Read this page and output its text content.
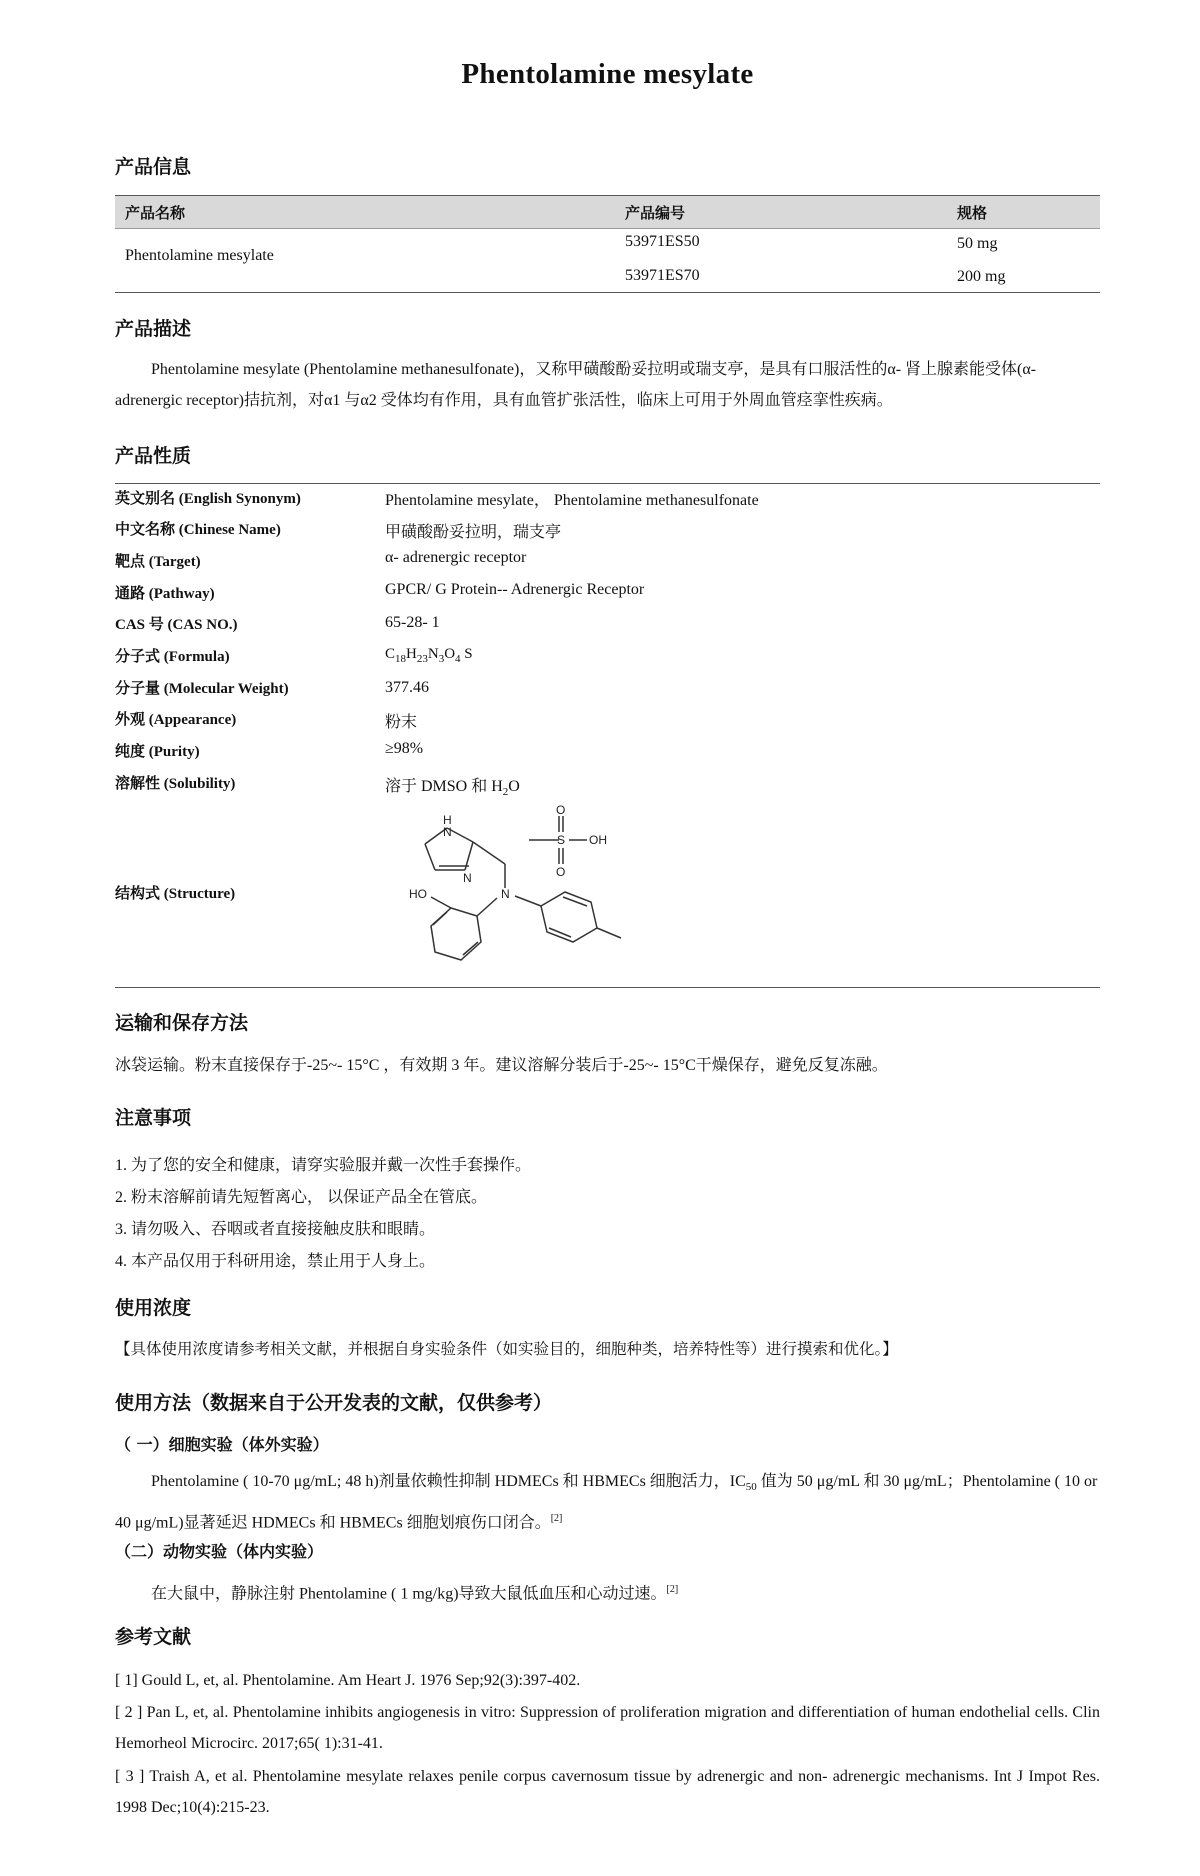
Phentolamine mesylate
产品信息
产品名称	产品编号	规格
Phentolamine mesylate
53971ES50	50 mg
53971ES70	200 mg
产品描述
Phentolamine mesylate (Phentolamine methanesulfonate)，又称甲磺酸酚妥拉明或瑞支亭，是具有口服活性的α- 肾上腺素能受体(α-adrenergic receptor)拮抗剂，对α1 与α2 受体均有作用，具有血管扩张活性，临床上可用于外周血管痉挛性疾病。
产品性质
英文别名 (English Synonym)	Phentolamine mesylate， Phentolamine methanesulfonate
中文名称 (Chinese Name)	甲磺酸酚妥拉明，瑞支亭
靶点 (Target)	α- adrenergic receptor
通路 (Pathway)	GPCR/ G Protein-- Adrenergic Receptor
CAS 号 (CAS NO.)	65-28- 1
分子式 (Formula)	$C_{18}H_{23}N_3O_4$ S
分子量 (Molecular Weight)	377.46
外观 (Appearance)	粉末
纯度 (Purity)	≥98%
溶解性 (Solubility)	溶于 DMSO 和 $H_2O$
结构式 (Structure)
H
N
N
N
O
S
O
OH
HO
运输和保存方法
冰袋运输。粉末直接保存于-25~- 15°C ，有效期 3 年。建议溶解分装后于-25~- 15°C干燥保存，避免反复冻融。
注意事项
1. 为了您的安全和健康，请穿实验服并戴一次性手套操作。
2. 粉末溶解前请先短暂离心， 以保证产品全在管底。
3. 请勿吸入、吞咽或者直接接触皮肤和眼睛。
4. 本产品仅用于科研用途，禁止用于人身上。
使用浓度
【具体使用浓度请参考相关文献，并根据自身实验条件（如实验目的，细胞种类，培养特性等）进行摸索和优化。】
使用方法（数据来自于公开发表的文献，仅供参考）
（ 一）细胞实验（体外实验）
Phentolamine ( 10-70 μg/mL; 48 h)剂量依赖性抑制 HDMECs 和 HBMECs 细胞活力，$IC_{50}$ 值为 50 μg/mL 和 30 μg/mL；Phentolamine ( 10 or 40 μg/mL)显著延迟 HDMECs 和 HBMECs 细胞划痕伤口闭合。[2]
（二）动物实验（体内实验）
在大鼠中，静脉注射 Phentolamine ( 1 mg/kg)导致大鼠低血压和心动过速。[2]
参考文献
[ 1] Gould L, et, al. Phentolamine. Am Heart J. 1976 Sep;92(3):397-402.
[ 2 ] Pan L, et, al. Phentolamine inhibits angiogenesis in vitro: Suppression of proliferation migration and differentiation of human endothelial cells. Clin Hemorheol Microcirc. 2017;65( 1):31-41.
[ 3 ] Traish A, et al. Phentolamine mesylate relaxes penile corpus cavernosum tissue by adrenergic and non- adrenergic mechanisms. Int J Impot Res. 1998 Dec;10(4):215-23.
